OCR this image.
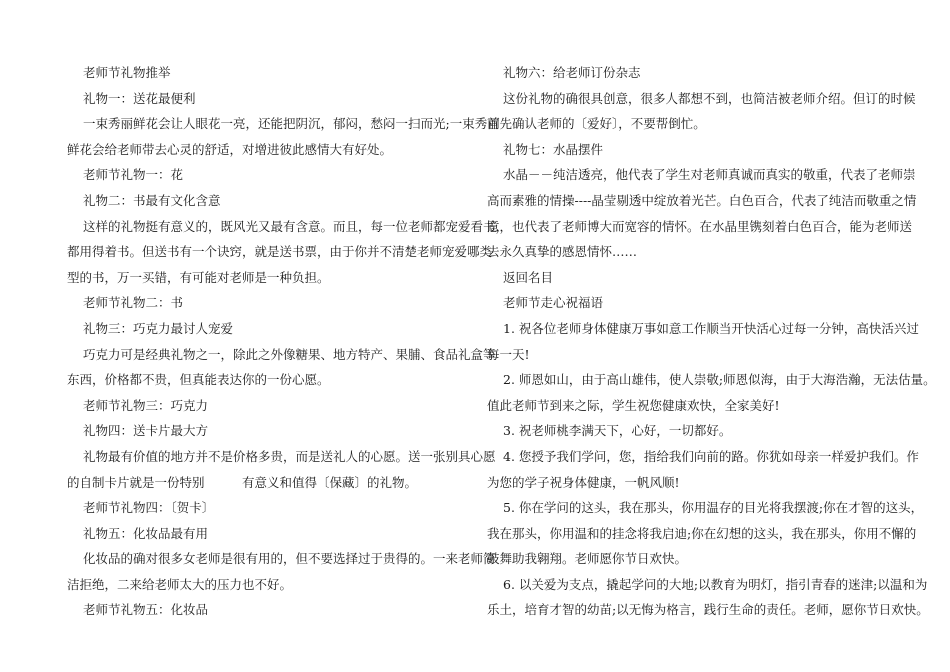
老师节礼物推举
礼物一：送花最便利
一束秀丽鲜花会让人眼花一亮，还能把阴沉，郁闷，愁闷一扫而光;一束秀丽
鲜花会给老师带去心灵的舒适，对增进彼此感情大有好处。
老师节礼物一：花
礼物二：书最有文化含意
这样的礼物挺有意义的，既风光又最有含意。而且，每一位老师都宠爱看书，
都用得着书。但送书有一个诀窍，就是送书票，由于你并不清楚老师宠爱哪类
型的书，万一买错，有可能对老师是一种负担。
老师节礼物二：书
礼物三：巧克力最讨人宠爱
巧克力可是经典礼物之一，除此之外像糖果、地方特产、果脯、食品礼盒等
东西，价格都不贵，但真能表达你的一份心愿。
老师节礼物三：巧克力
礼物四：送卡片最大方
礼物最有价值的地方并不是价格多贵，而是送礼人的心愿。送一张别具心愿
的自制卡片就是一份特别　　　有意义和值得〔保藏〕的礼物。
老师节礼物四：〔贺卡〕
礼物五：化妆品最有用
化妆品的确对很多女老师是很有用的，但不要选择过于贵得的。一来老师简
洁拒绝，二来给老师太大的压力也不好。
老师节礼物五：化妆品
礼物六：给老师订份杂志
这份礼物的确很具创意，很多人都想不到，也简洁被老师介绍。但订的时候
首先确认老师的〔爱好〕，不要帮倒忙。
礼物七：水晶摆件
水晶－－纯洁透亮，他代表了学生对老师真诚而真实的敬重，代表了老师崇
高而素雅的情操----晶莹剔透中绽放着光芒。白色百合，代表了纯洁而敬重之情
意，也代表了老师博大而宽容的情怀。在水晶里镌刻着白色百合，能为老师送
去永久真挚的感恩情怀……
返回名目
老师节走心祝福语
1. 祝各位老师身体健康万事如意工作顺当开快活心过每一分钟，高快活兴过
每一天!
2. 师恩如山，由于高山雄伟，使人崇敬;师恩似海，由于大海浩瀚，无法估量。
值此老师节到来之际，学生祝您健康欢快，全家美好!
3. 祝老师桃李满天下，心好，一切都好。
4. 您授予我们学问，您，指给我们向前的路。你犹如母亲一样爱护我们。作
为您的学子祝身体健康，一帆风顺!
5. 你在学问的这头，我在那头，你用温存的目光将我摆渡;你在才智的这头，
我在那头，你用温和的挂念将我启迪;你在幻想的这头，我在那头，你用不懈的
鼓舞助我翱翔。老师愿你节日欢快。
6. 以关爱为支点，撬起学问的大地;以教育为明灯，指引青春的迷津;以温和为
乐土，培育才智的幼苗;以无悔为格言，践行生命的责任。老师，愿你节日欢快。
